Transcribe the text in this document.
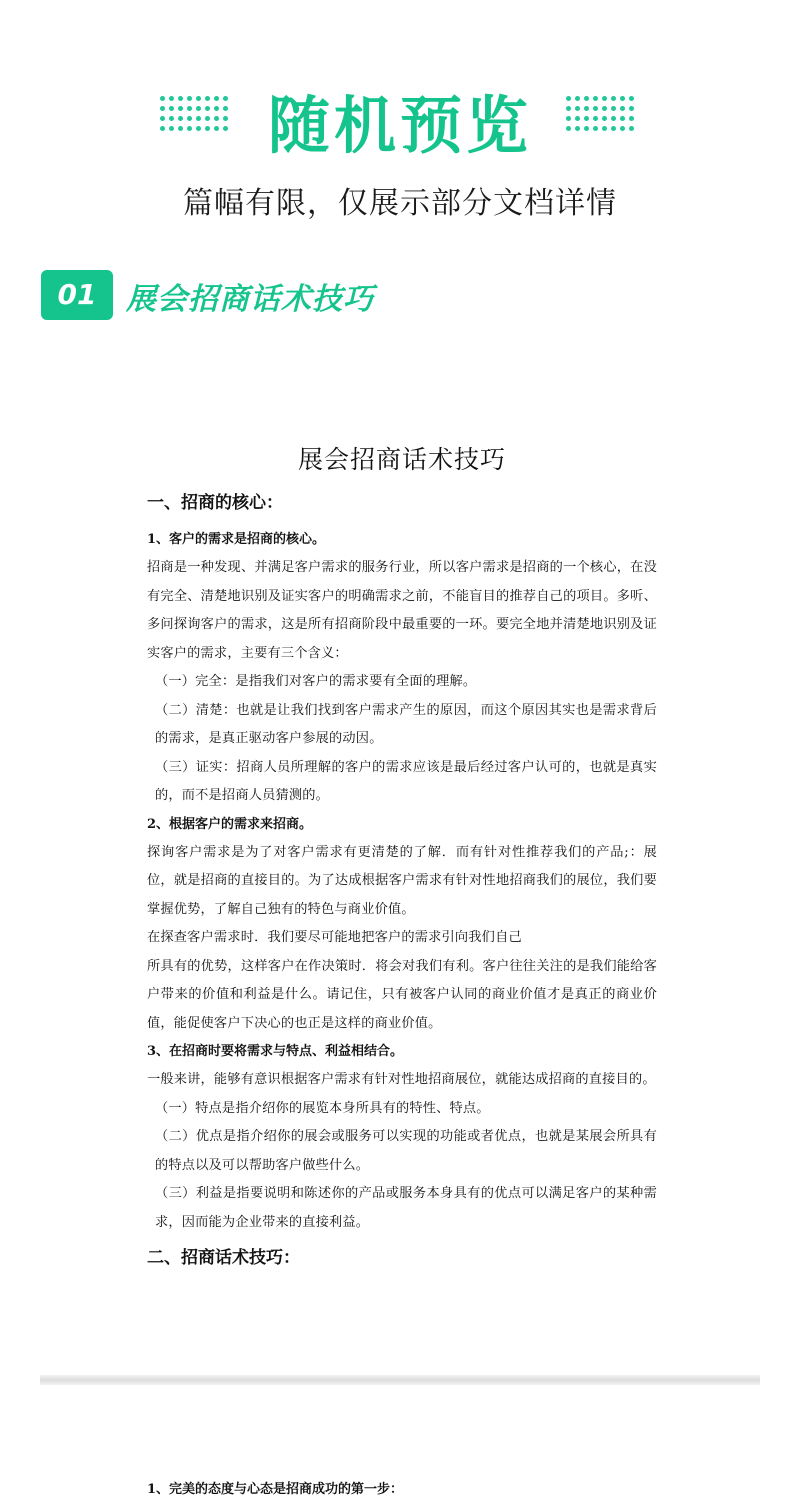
随机预览
篇幅有限，仅展示部分文档详情
01 展会招商话术技巧
展会招商话术技巧
一、招商的核心：
1、客户的需求是招商的核心。
招商是一种发现、并满足客户需求的服务行业，所以客户需求是招商的一个核心，在没有完全、清楚地识别及证实客户的明确需求之前，不能盲目的推荐自己的项目。多听、多问探询客户的需求，这是所有招商阶段中最重要的一环。要完全地并清楚地识别及证实客户的需求，主要有三个含义：
（一）完全：是指我们对客户的需求要有全面的理解。
（二）清楚：也就是让我们找到客户需求产生的原因，而这个原因其实也是需求背后的需求，是真正驱动客户参展的动因。
（三）证实：招商人员所理解的客户的需求应该是最后经过客户认可的，也就是真实的，而不是招商人员猜测的。
2、根据客户的需求来招商。
探询客户需求是为了对客户需求有更清楚的了解．而有针对性推荐我们的产品;：展位，就是招商的直接目的。为了达成根据客户需求有针对性地招商我们的展位，我们要掌握优势，了解自己独有的特色与商业价值。
在探查客户需求时．我们要尽可能地把客户的需求引向我们自己
所具有的优势，这样客户在作决策时．将会对我们有利。客户往往关注的是我们能给客户带来的价值和利益是什么。请记住，只有被客户认同的商业价值才是真正的商业价值，能促使客户下决心的也正是这样的商业价值。
3、在招商时要将需求与特点、利益相结合。
一般来讲，能够有意识根据客户需求有针对性地招商展位，就能达成招商的直接目的。
（一）特点是指介绍你的展览本身所具有的特性、特点。
（二）优点是指介绍你的展会或服务可以实现的功能或者优点，也就是某展会所具有的特点以及可以帮助客户做些什么。
（三）利益是指要说明和陈述你的产品或服务本身具有的优点可以满足客户的某种需求，因而能为企业带来的直接利益。
二、招商话术技巧：
1、完美的态度与心态是招商成功的第一步：
